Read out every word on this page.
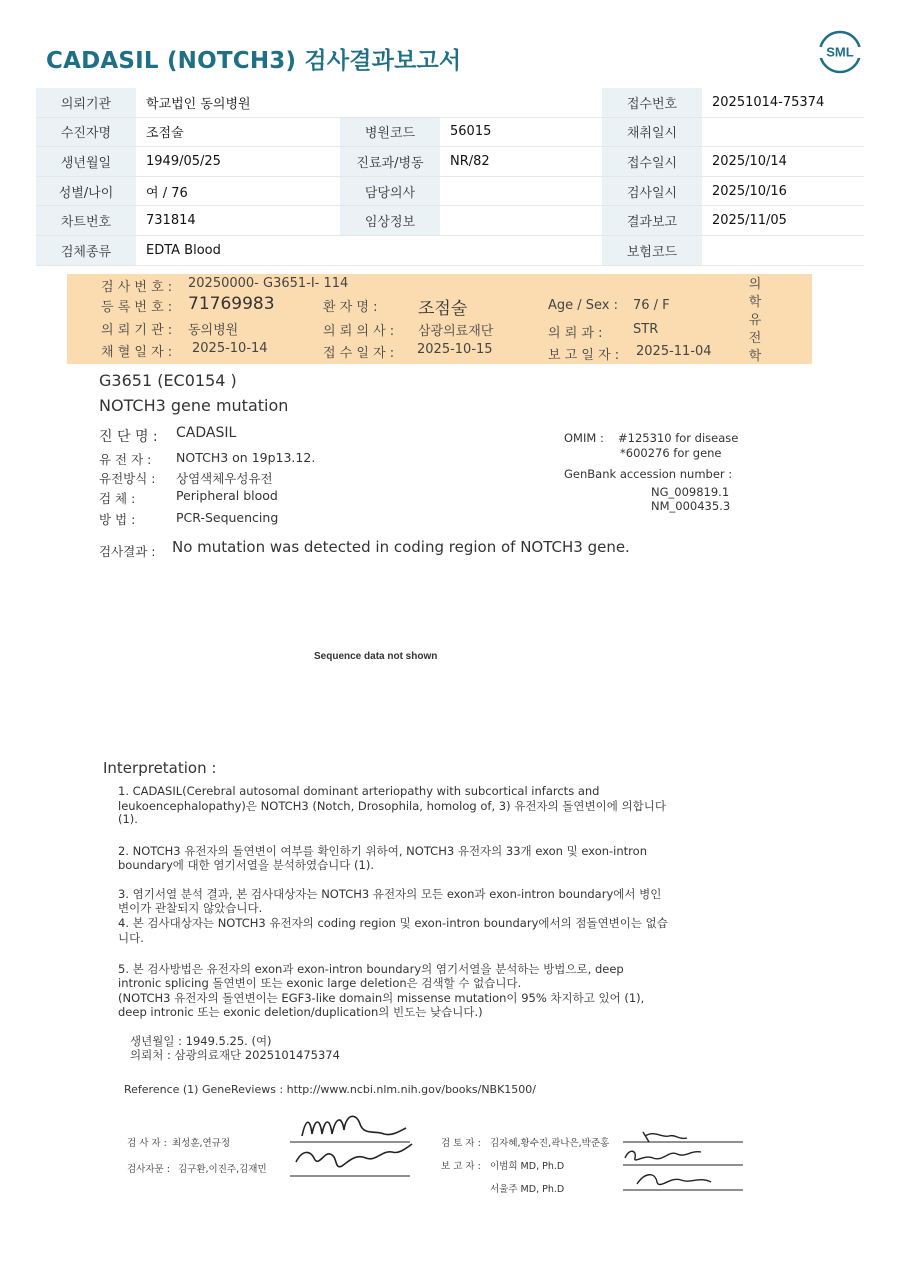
CADASIL (NOTCH3) 검사결과보고서	SML
의뢰기관	학교법인 동의병원			접수번호	20251014-75374
수진자명	조점술	병원코드	56015	채취일시	
생년월일	1949/05/25	진료과/병동	NR/82	접수일시	2025/10/14
성별/나이	여 / 76	담당의사		검사일시	2025/10/16
차트번호	731814	임상정보		결과보고	2025/11/05
검체종류	EDTA Blood			보험코드	
검 사 번 호 : 20250000- G3651-I- 114
등 록 번 호 : 71769983	환 자 명 : 조점술	Age / Sex : 76 / F
의 뢰 기 관 : 동의병원	의 뢰 의 사 : 삼광의료재단	의 뢰 과 : STR
채 혈 일 자 : 2025-10-14	접 수 일 자 : 2025-10-15	보 고 일 자 : 2025-11-04
의
학
유
전
학
G3651 (EC0154 )
NOTCH3 gene mutation
진 단 명 : CADASIL
유 전 자 : NOTCH3 on 19p13.12.
유전방식 : 상염색체우성유전
검 체 :	Peripheral blood
방 법 :	PCR-Sequencing
OMIM : #125310 for disease
*600276 for gene
GenBank accession number :
NG_009819.1
NM_000435.3
검사결과 : No mutation was detected in coding region of NOTCH3 gene.
Sequence data not shown
Interpretation :
1. CADASIL(Cerebral autosomal dominant arteriopathy with subcortical infarcts and
leukoencephalopathy)은 NOTCH3 (Notch, Drosophila, homolog of, 3) 유전자의 돌연변이에 의합니다
(1).
2. NOTCH3 유전자의 돌연변이 여부를 확인하기 위하여, NOTCH3 유전자의 33개 exon 및 exon-intron
boundary에 대한 염기서열을 분석하였습니다 (1).
3. 염기서열 분석 결과, 본 검사대상자는 NOTCH3 유전자의 모든 exon과 exon-intron boundary에서 병인
변이가 관찰되지 않았습니다.
4. 본 검사대상자는 NOTCH3 유전자의 coding region 및 exon-intron boundary에서의 점돌연변이는 없습
니다.
5. 본 검사방법은 유전자의 exon과 exon-intron boundary의 염기서열을 분석하는 방법으로, deep
intronic splicing 돌연변이 또는 exonic large deletion은 검색할 수 없습니다.
(NOTCH3 유전자의 돌연변이는 EGF3-like domain의 missense mutation이 95% 차지하고 있어 (1),
deep intronic 또는 exonic deletion/duplication의 빈도는 낮습니다.)
생년월일 : 1949.5.25. (여)
의뢰처 : 삼광의료재단 2025101475374
Reference (1) GeneReviews : http://www.ncbi.nlm.nih.gov/books/NBK1500/
검 사 자 : 최성훈,연규정
검사자문 : 김구환,이진주,김재민
검 토 자 : 김자혜,황수진,곽나은,박준홍
보 고 자 : 이범희 MD, Ph.D
서울주 MD, Ph.D
